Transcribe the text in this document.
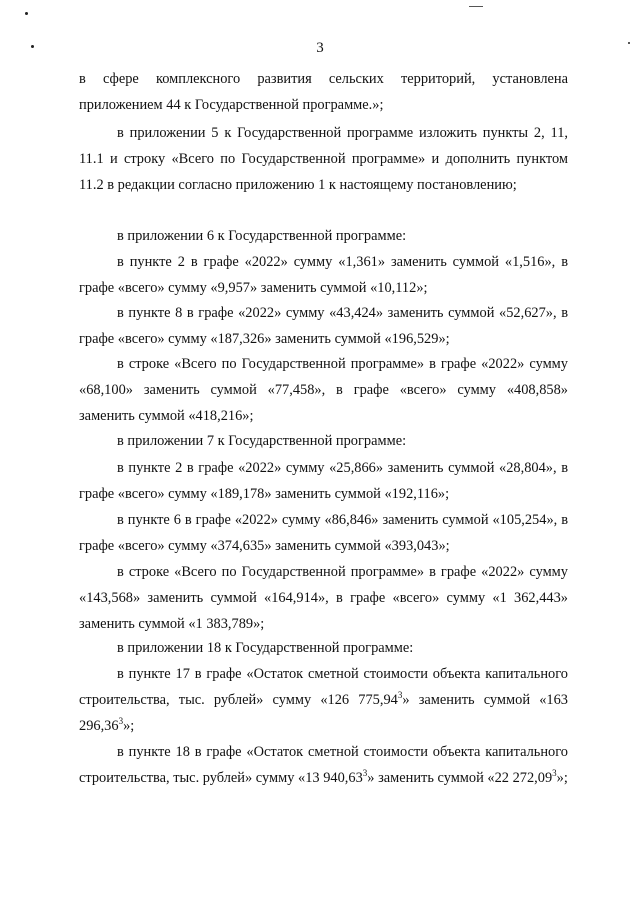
3

в сфере комплексного развития сельских территорий, установлена приложением 44 к Государственной программе.»;

в приложении 5 к Государственной программе изложить пункты 2, 11, 11.1 и строку «Всего по Государственной программе» и дополнить пунктом 11.2 в редакции согласно приложению 1 к настоящему постановлению;

в приложении 6 к Государственной программе:

в пункте 2 в графе «2022» сумму «1,361» заменить суммой «1,516», в графе «всего» сумму «9,957» заменить суммой «10,112»;

в пункте 8 в графе «2022» сумму «43,424» заменить суммой «52,627», в графе «всего» сумму «187,326» заменить суммой «196,529»;

в строке «Всего по Государственной программе» в графе «2022» сумму «68,100» заменить суммой «77,458», в графе «всего» сумму «408,858» заменить суммой «418,216»;

в приложении 7 к Государственной программе:

в пункте 2 в графе «2022» сумму «25,866» заменить суммой «28,804», в графе «всего» сумму «189,178» заменить суммой «192,116»;

в пункте 6 в графе «2022» сумму «86,846» заменить суммой «105,254», в графе «всего» сумму «374,635» заменить суммой «393,043»;

в строке «Всего по Государственной программе» в графе «2022» сумму «143,568» заменить суммой «164,914», в графе «всего» сумму «1 362,443» заменить суммой «1 383,789»;

в приложении 18 к Государственной программе:

в пункте 17 в графе «Остаток сметной стоимости объекта капитального строительства, тыс. рублей» сумму «126 775,94$^3$» заменить суммой «163 296,36$^3$»;

в пункте 18 в графе «Остаток сметной стоимости объекта капитального строительства, тыс. рублей» сумму «13 940,63$^3$» заменить суммой «22 272,09$^3$»;
